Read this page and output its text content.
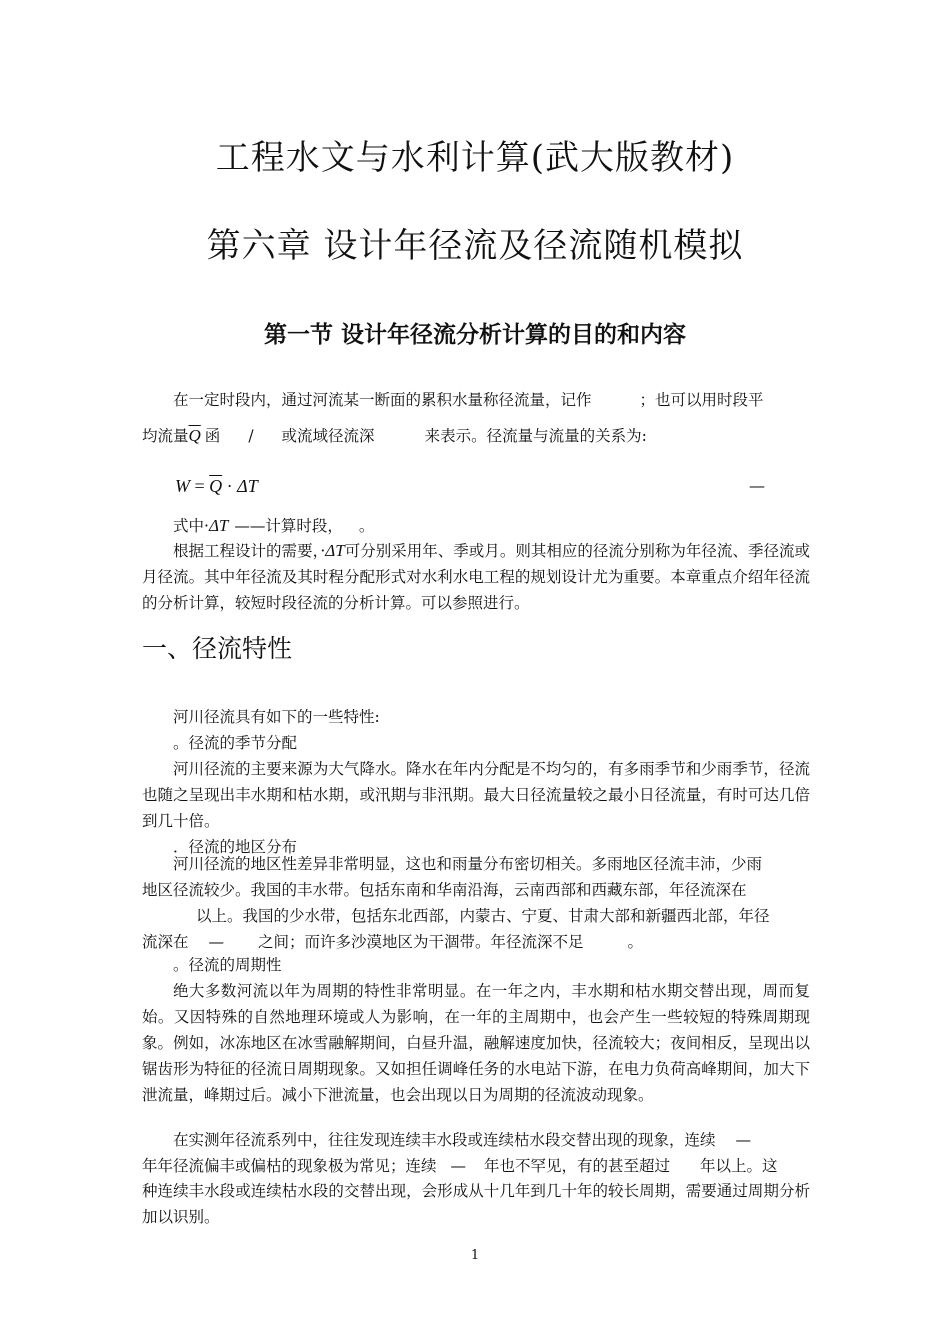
工程水文与水利计算(武大版教材)
第六章 设计年径流及径流随机模拟
第一节 设计年径流分析计算的目的和内容
在一定时段内，通过河流某一断面的累积水量称径流量，记作	；也可以用时段平
均流量$\overline{Q}$ 函 / 或流域径流深	来表示。径流量与流量的关系为:
$W = \overline{Q} \cdot \Delta T$	—
式中·ΔT ——计算时段， 。

根据工程设计的需要，·ΔT可分别采用年、季或月。则其相应的径流分别称为年径流、季径流或月径流。其中年径流及其时程分配形式对水利水电工程的规划设计尤为重要。本章重点介绍年径流的分析计算，较短时段径流的分析计算。可以参照进行。

一、径流特性

河川径流具有如下的一些特性:

。径流的季节分配

河川径流的主要来源为大气降水。降水在年内分配是不均匀的，有多雨季节和少雨季节，径流也随之呈现出丰水期和枯水期，或汛期与非汛期。最大日径流量较之最小日径流量，有时可达几倍到几十倍。

．径流的地区分布

河川径流的地区性差异非常明显，这也和雨量分布密切相关。多雨地区径流丰沛，少雨
地区径流较少。我国的丰水带。包括东南和华南沿海，云南西部和西藏东部，年径流深在
以上。我国的少水带，包括东北西部，内蒙古、宁夏、甘肃大部和新疆西北部，年径
流深在 — 之间；而许多沙漠地区为干涸带。年径流深不足	。

。径流的周期性

绝大多数河流以年为周期的特性非常明显。在一年之内，丰水期和枯水期交替出现，周而复始。又因特殊的自然地理环境或人为影响，在一年的主周期中，也会产生一些较短的特殊周期现象。例如，冰冻地区在冰雪融解期间，白昼升温，融解速度加快，径流较大；夜间相反，呈现出以锯齿形为特征的径流日周期现象。又如担任调峰任务的水电站下游，在电力负荷高峰期间，加大下泄流量，峰期过后。减小下泄流量，也会出现以日为周期的径流波动现象。

在实测年径流系列中，往往发现连续丰水段或连续枯水段交替出现的现象，连续 —
年年径流偏丰或偏枯的现象极为常见；连续 — 年也不罕见，有的甚至超过 年以上。这

种连续丰水段或连续枯水段的交替出现，会形成从十几年到几十年的较长周期，需要通过周期分析加以识别。

1
